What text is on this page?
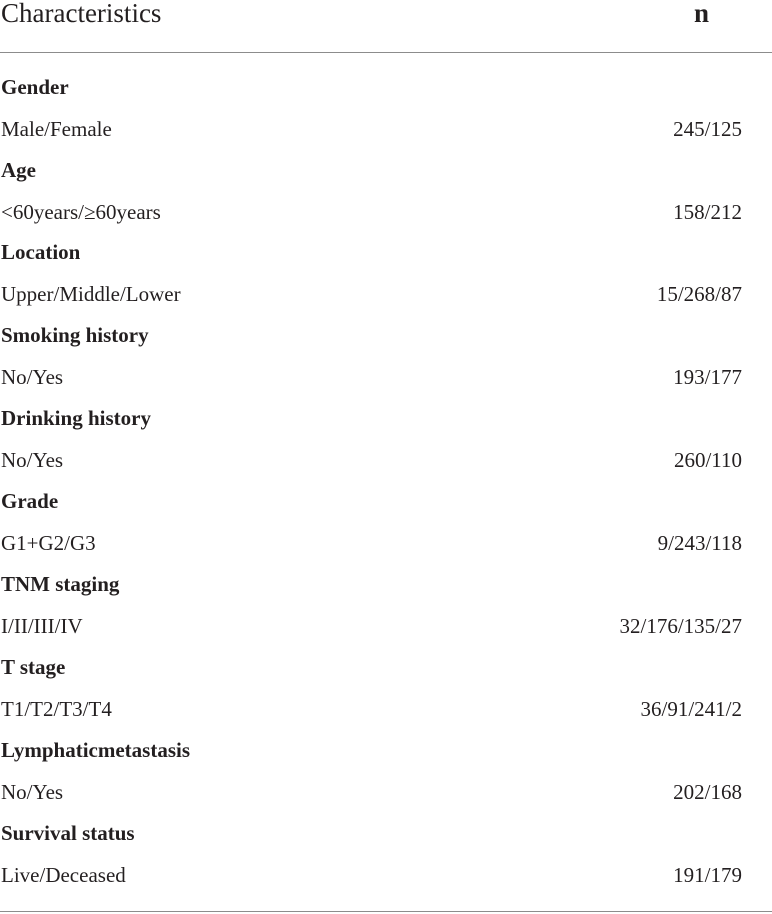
Characteristics	n
Gender
Male/Female	245/125
Age
<60years/≥60years	158/212
Location
Upper/Middle/Lower	15/268/87
Smoking history
No/Yes	193/177
Drinking history
No/Yes	260/110
Grade
G1+G2/G3	9/243/118
TNM staging
I/II/III/IV	32/176/135/27
T stage
T1/T2/T3/T4	36/91/241/2
Lymphaticmetastasis
No/Yes	202/168
Survival status
Live/Deceased	191/179
